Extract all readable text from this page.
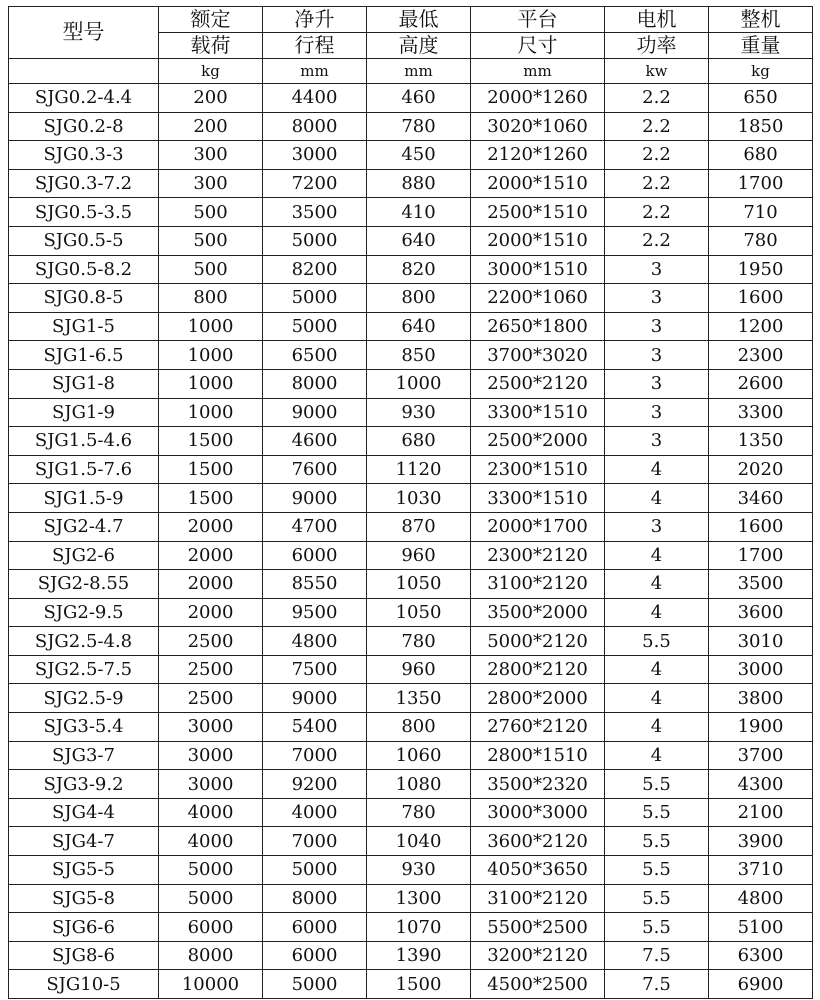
型号	额定	净升	最低	平台	电机	整机
	载荷	行程	高度	尺寸	功率	重量
	kg	mm	mm	mm	kw	kg
SJG0.2-4.4	200	4400	460	2000*1260	2.2	650
SJG0.2-8	200	8000	780	3020*1060	2.2	1850
SJG0.3-3	300	3000	450	2120*1260	2.2	680
SJG0.3-7.2	300	7200	880	2000*1510	2.2	1700
SJG0.5-3.5	500	3500	410	2500*1510	2.2	710
SJG0.5-5	500	5000	640	2000*1510	2.2	780
SJG0.5-8.2	500	8200	820	3000*1510	3	1950
SJG0.8-5	800	5000	800	2200*1060	3	1600
SJG1-5	1000	5000	640	2650*1800	3	1200
SJG1-6.5	1000	6500	850	3700*3020	3	2300
SJG1-8	1000	8000	1000	2500*2120	3	2600
SJG1-9	1000	9000	930	3300*1510	3	3300
SJG1.5-4.6	1500	4600	680	2500*2000	3	1350
SJG1.5-7.6	1500	7600	1120	2300*1510	4	2020
SJG1.5-9	1500	9000	1030	3300*1510	4	3460
SJG2-4.7	2000	4700	870	2000*1700	3	1600
SJG2-6	2000	6000	960	2300*2120	4	1700
SJG2-8.55	2000	8550	1050	3100*2120	4	3500
SJG2-9.5	2000	9500	1050	3500*2000	4	3600
SJG2.5-4.8	2500	4800	780	5000*2120	5.5	3010
SJG2.5-7.5	2500	7500	960	2800*2120	4	3000
SJG2.5-9	2500	9000	1350	2800*2000	4	3800
SJG3-5.4	3000	5400	800	2760*2120	4	1900
SJG3-7	3000	7000	1060	2800*1510	4	3700
SJG3-9.2	3000	9200	1080	3500*2320	5.5	4300
SJG4-4	4000	4000	780	3000*3000	5.5	2100
SJG4-7	4000	7000	1040	3600*2120	5.5	3900
SJG5-5	5000	5000	930	4050*3650	5.5	3710
SJG5-8	5000	8000	1300	3100*2120	5.5	4800
SJG6-6	6000	6000	1070	5500*2500	5.5	5100
SJG8-6	8000	6000	1390	3200*2120	7.5	6300
SJG10-5	10000	5000	1500	4500*2500	7.5	6900
